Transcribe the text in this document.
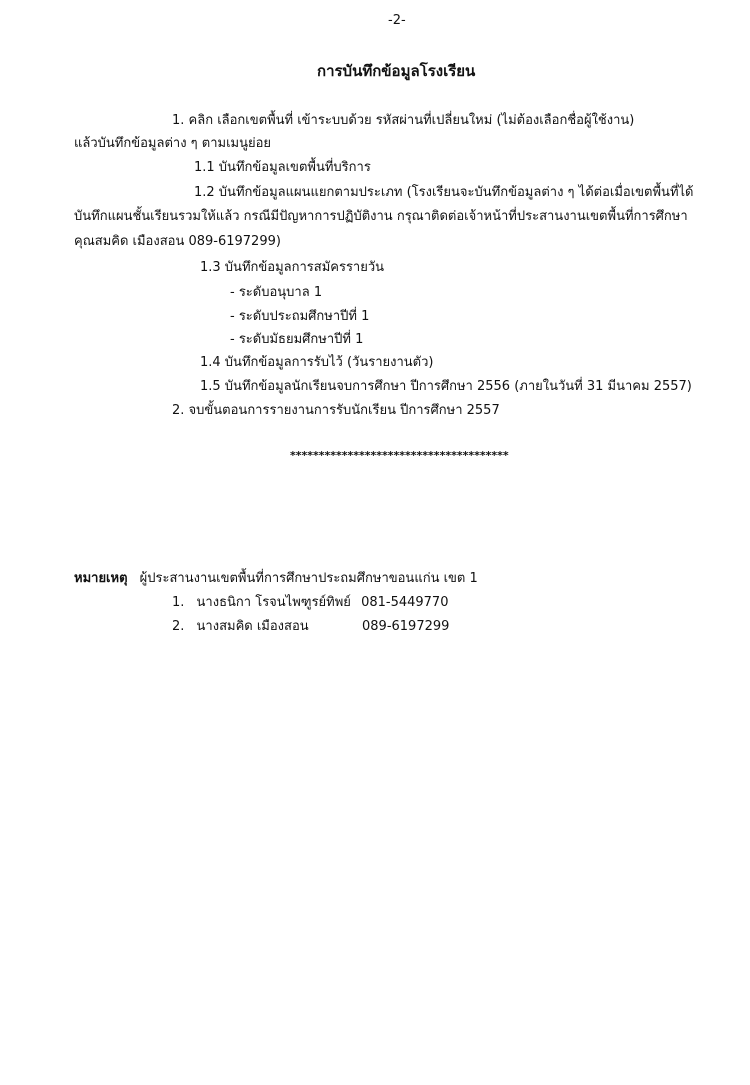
-2-
การบันทึกข้อมูลโรงเรียน
1. คลิก เลือกเขตพื้นที่ เข้าระบบด้วย รหัสผ่านที่เปลี่ยนใหม่ (ไม่ต้องเลือกชื่อผู้ใช้งาน)
แล้วบันทึกข้อมูลต่าง ๆ ตามเมนูย่อย
1.1 บันทึกข้อมูลเขตพื้นที่บริการ
1.2 บันทึกข้อมูลแผนแยกตามประเภท (โรงเรียนจะบันทึกข้อมูลต่าง ๆ ได้ต่อเมื่อเขตพื้นที่ได้
บันทึกแผนชั้นเรียนรวมให้แล้ว กรณีมีปัญหาการปฏิบัติงาน กรุณาติดต่อเจ้าหน้าที่ประสานงานเขตพื้นที่การศึกษา
คุณสมคิด เมืองสอน 089-6197299)
1.3 บันทึกข้อมูลการสมัครรายวัน
- ระดับอนุบาล 1
- ระดับประถมศึกษาปีที่ 1
- ระดับมัธยมศึกษาปีที่ 1
1.4 บันทึกข้อมูลการรับไว้ (วันรายงานตัว)
1.5 บันทึกข้อมูลนักเรียนจบการศึกษา ปีการศึกษา 2556 (ภายในวันที่ 31 มีนาคม 2557)
2. จบขั้นตอนการรายงานการรับนักเรียน ปีการศึกษา 2557
**************************************
หมายเหตุ ผู้ประสานงานเขตพื้นที่การศึกษาประถมศึกษาขอนแก่น เขต 1
1. นางธนิกา โรจนไพฑูรย์ทิพย์ 081-5449770
2. นางสมคิด เมืองสอน	089-6197299
